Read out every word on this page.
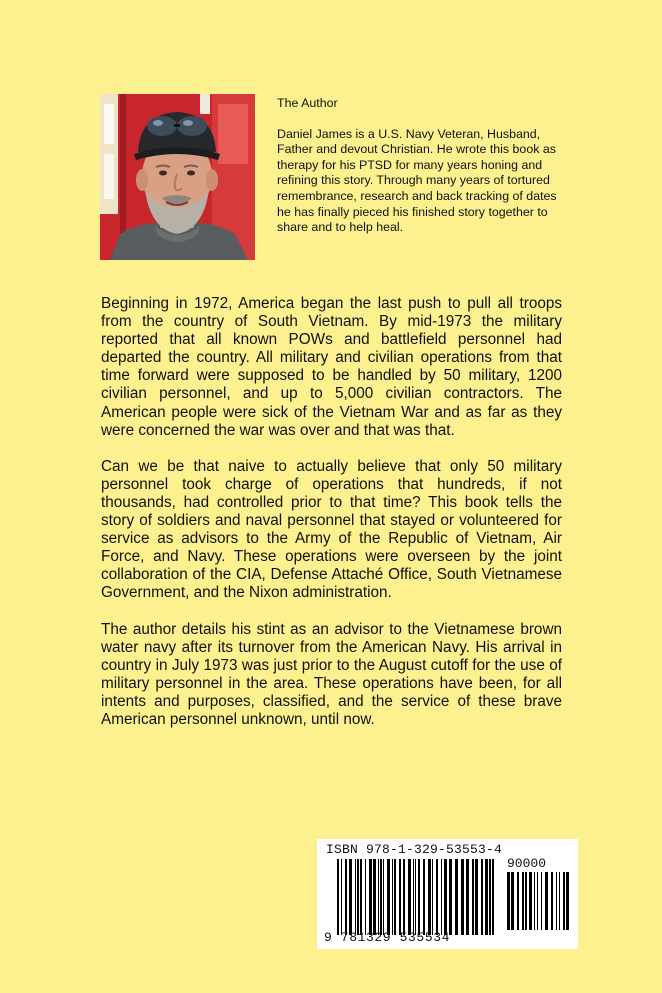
The Author

Daniel James is a U.S. Navy Veteran, Husband, Father and devout Christian. He wrote this book as therapy for his PTSD for many years honing and refining this story. Through many years of tortured remembrance, research and back tracking of dates he has finally pieced his finished story together to share and to help heal.

Beginning in 1972, America began the last push to pull all troops from the country of South Vietnam. By mid-1973 the military reported that all known POWs and battlefield personnel had departed the country. All military and civilian operations from that time forward were supposed to be handled by 50 military, 1200 civilian personnel, and up to 5,000 civilian contractors. The American people were sick of the Vietnam War and as far as they were concerned the war was over and that was that.

Can we be that naive to actually believe that only 50 military personnel took charge of operations that hundreds, if not thousands, had controlled prior to that time? This book tells the story of soldiers and naval personnel that stayed or volunteered for service as advisors to the Army of the Republic of Vietnam, Air Force, and Navy. These operations were overseen by the joint collaboration of the CIA, Defense Attaché Office, South Vietnamese Government, and the Nixon administration.

The author details his stint as an advisor to the Vietnamese brown water navy after its turnover from the American Navy. His arrival in country in July 1973 was just prior to the August cutoff for the use of military personnel in the area. These operations have been, for all intents and purposes, classified, and the service of these brave American personnel unknown, until now.

ISBN 978-1-329-53553-4
90000
9 781329 535534
